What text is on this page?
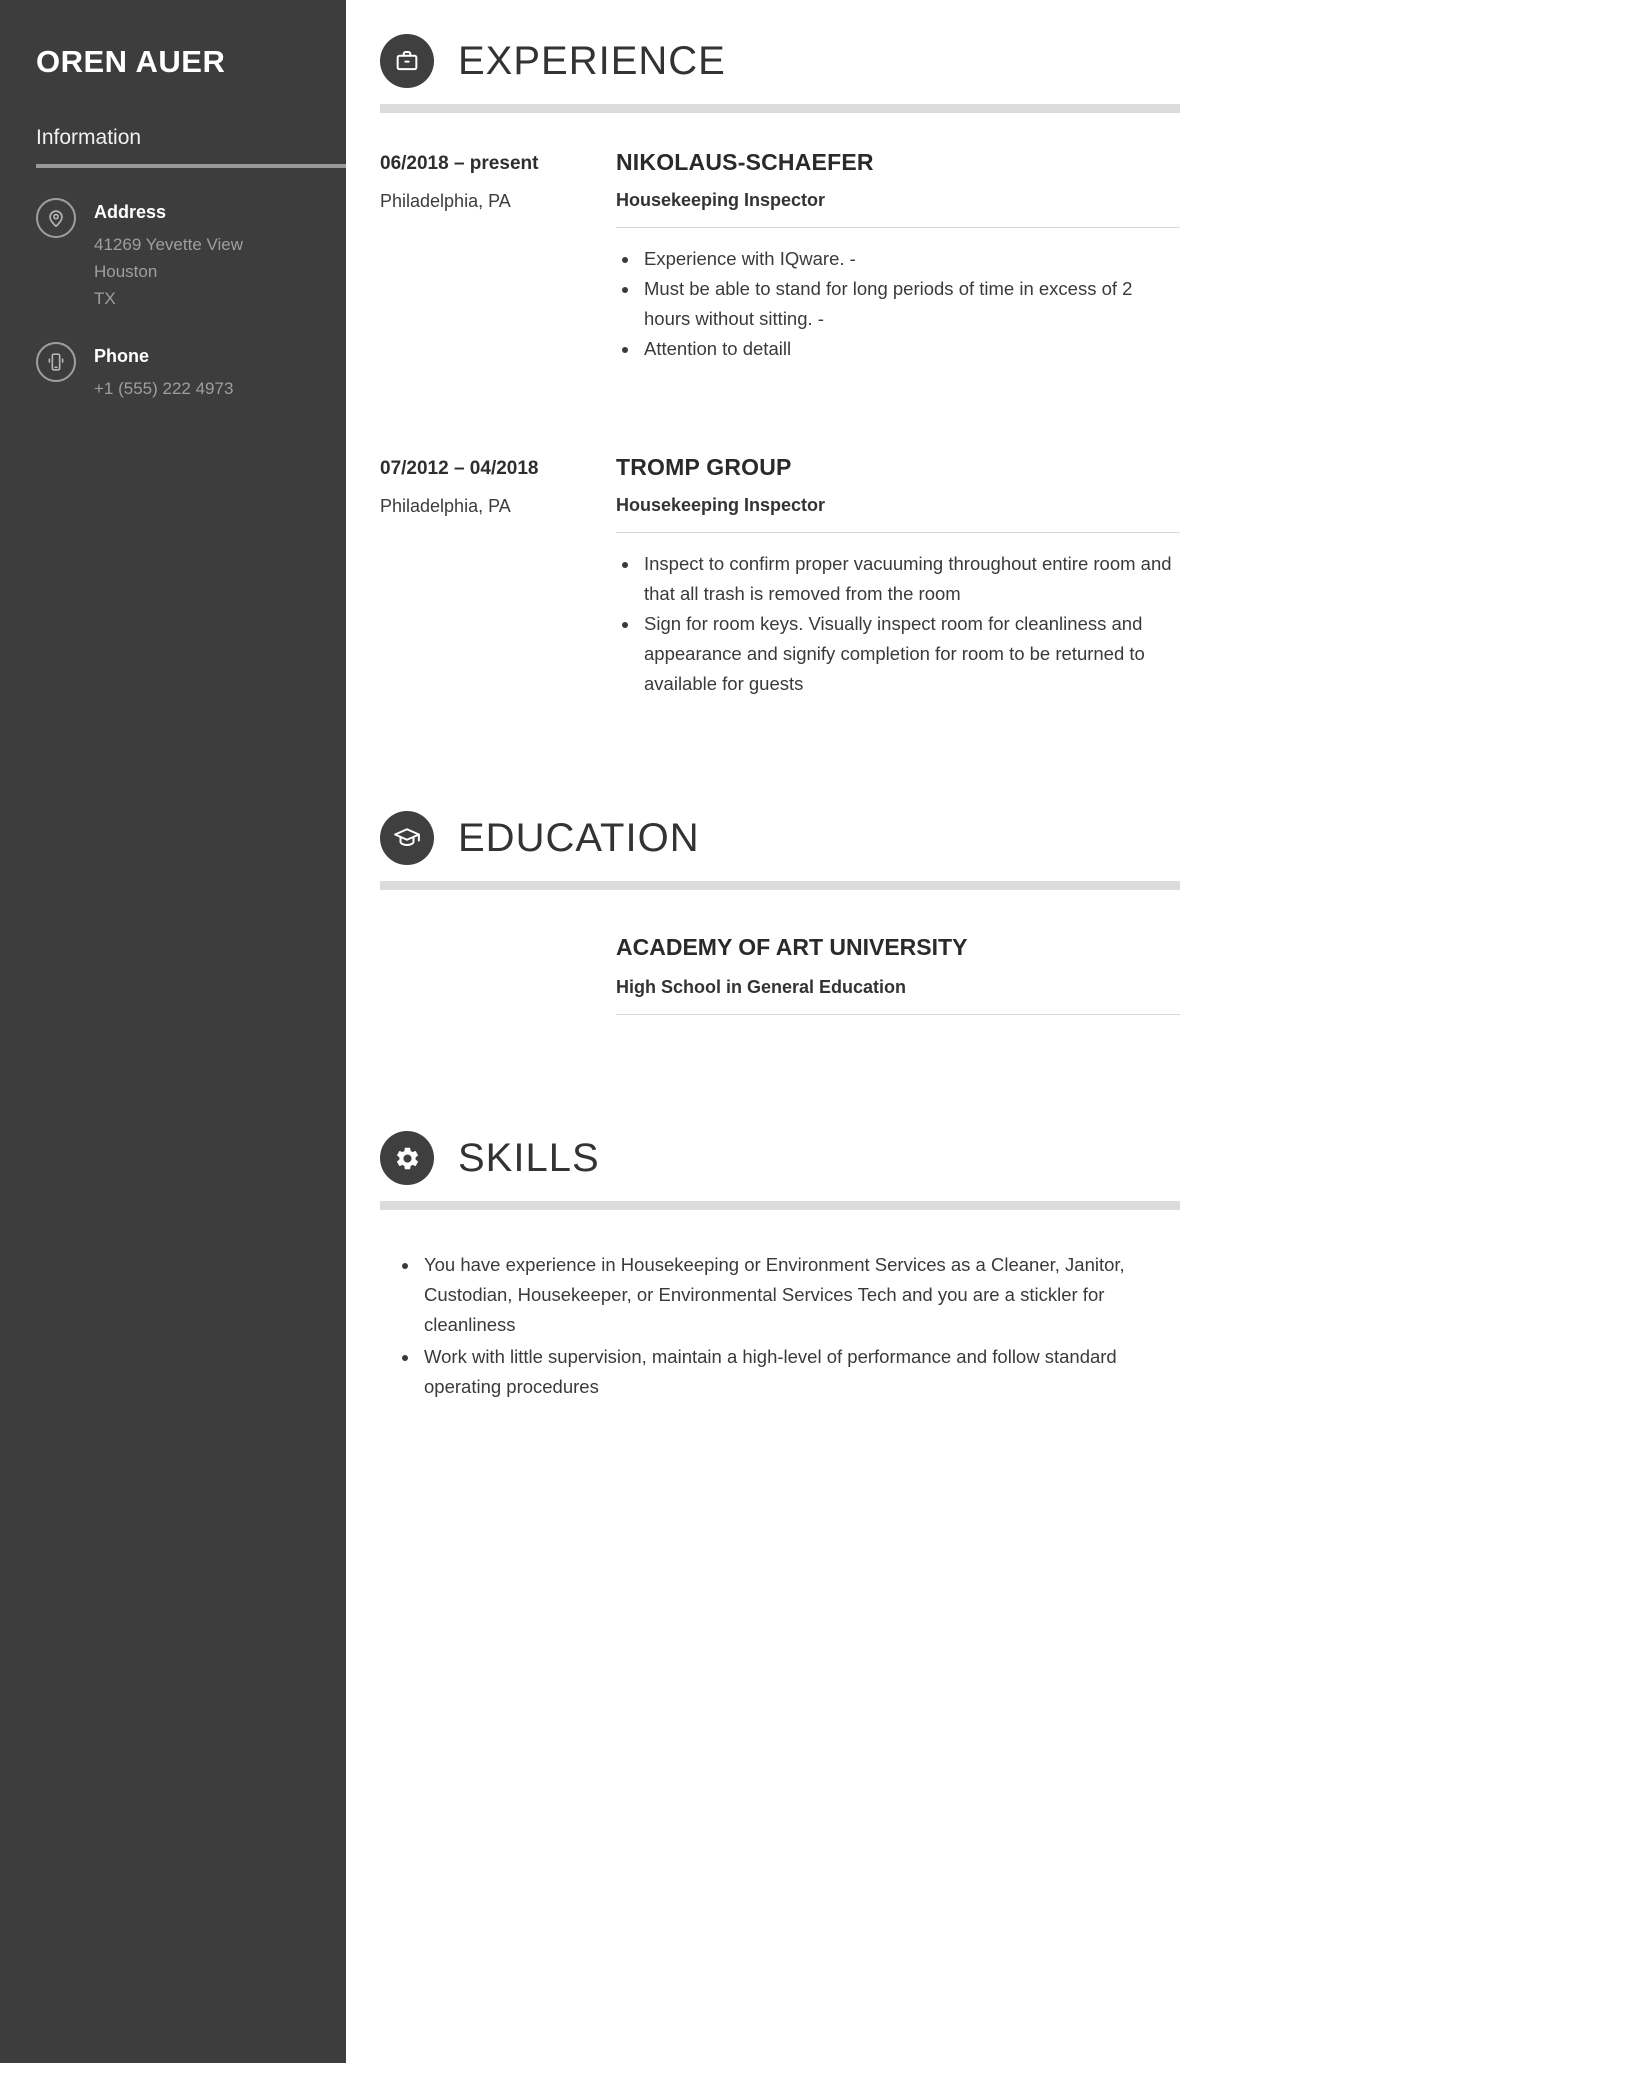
OREN AUER
Information
Address
41269 Yevette View
Houston
TX
Phone
+1 (555) 222 4973
EXPERIENCE
06/2018 – present
Philadelphia, PA
NIKOLAUS-SCHAEFER
Housekeeping Inspector
• Experience with IQware. -
• Must be able to stand for long periods of time in excess of 2 hours without sitting. -
• Attention to detaill
07/2012 – 04/2018
Philadelphia, PA
TROMP GROUP
Housekeeping Inspector
• Inspect to confirm proper vacuuming throughout entire room and that all trash is removed from the room
• Sign for room keys. Visually inspect room for cleanliness and appearance and signify completion for room to be returned to available for guests
EDUCATION
ACADEMY OF ART UNIVERSITY
High School in General Education
SKILLS
• You have experience in Housekeeping or Environment Services as a Cleaner, Janitor, Custodian, Housekeeper, or Environmental Services Tech and you are a stickler for cleanliness
• Work with little supervision, maintain a high-level of performance and follow standard operating procedures
